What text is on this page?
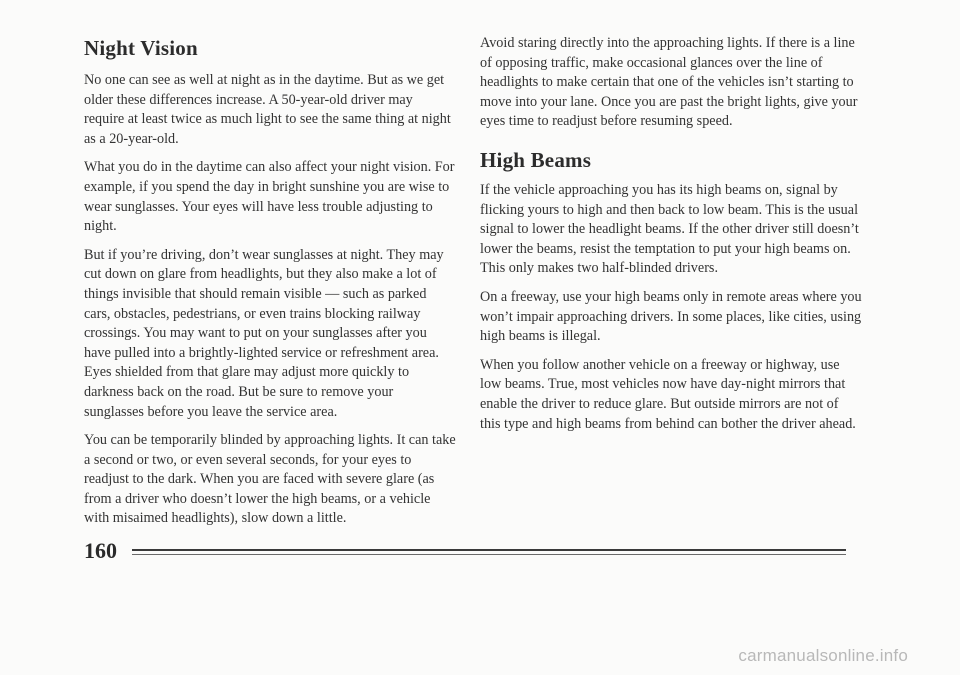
Night Vision

No one can see as well at night as in the daytime. But as we get older these differences increase. A 50-year-old driver may require at least twice as much light to see the same thing at night as a 20-year-old.

What you do in the daytime can also affect your night vision. For example, if you spend the day in bright sunshine you are wise to wear sunglasses. Your eyes will have less trouble adjusting to night.

But if you’re driving, don’t wear sunglasses at night. They may cut down on glare from headlights, but they also make a lot of things invisible that should remain visible — such as parked cars, obstacles, pedestrians, or even trains blocking railway crossings. You may want to put on your sunglasses after you have pulled into a brightly-lighted service or refreshment area. Eyes shielded from that glare may adjust more quickly to darkness back on the road. But be sure to remove your sunglasses before you leave the service area.

You can be temporarily blinded by approaching lights. It can take a second or two, or even several seconds, for your eyes to readjust to the dark. When you are faced with severe glare (as from a driver who doesn’t lower the high beams, or a vehicle with misaimed headlights), slow down a little.

Avoid staring directly into the approaching lights. If there is a line of opposing traffic, make occasional glances over the line of headlights to make certain that one of the vehicles isn’t starting to move into your lane. Once you are past the bright lights, give your eyes time to readjust before resuming speed.

High Beams

If the vehicle approaching you has its high beams on, signal by flicking yours to high and then back to low beam. This is the usual signal to lower the headlight beams. If the other driver still doesn’t lower the beams, resist the temptation to put your high beams on. This only makes two half-blinded drivers.

On a freeway, use your high beams only in remote areas where you won’t impair approaching drivers. In some places, like cities, using high beams is illegal.

When you follow another vehicle on a freeway or highway, use low beams. True, most vehicles now have day-night mirrors that enable the driver to reduce glare. But outside mirrors are not of this type and high beams from behind can bother the driver ahead.

160
carmanualsonline.info
